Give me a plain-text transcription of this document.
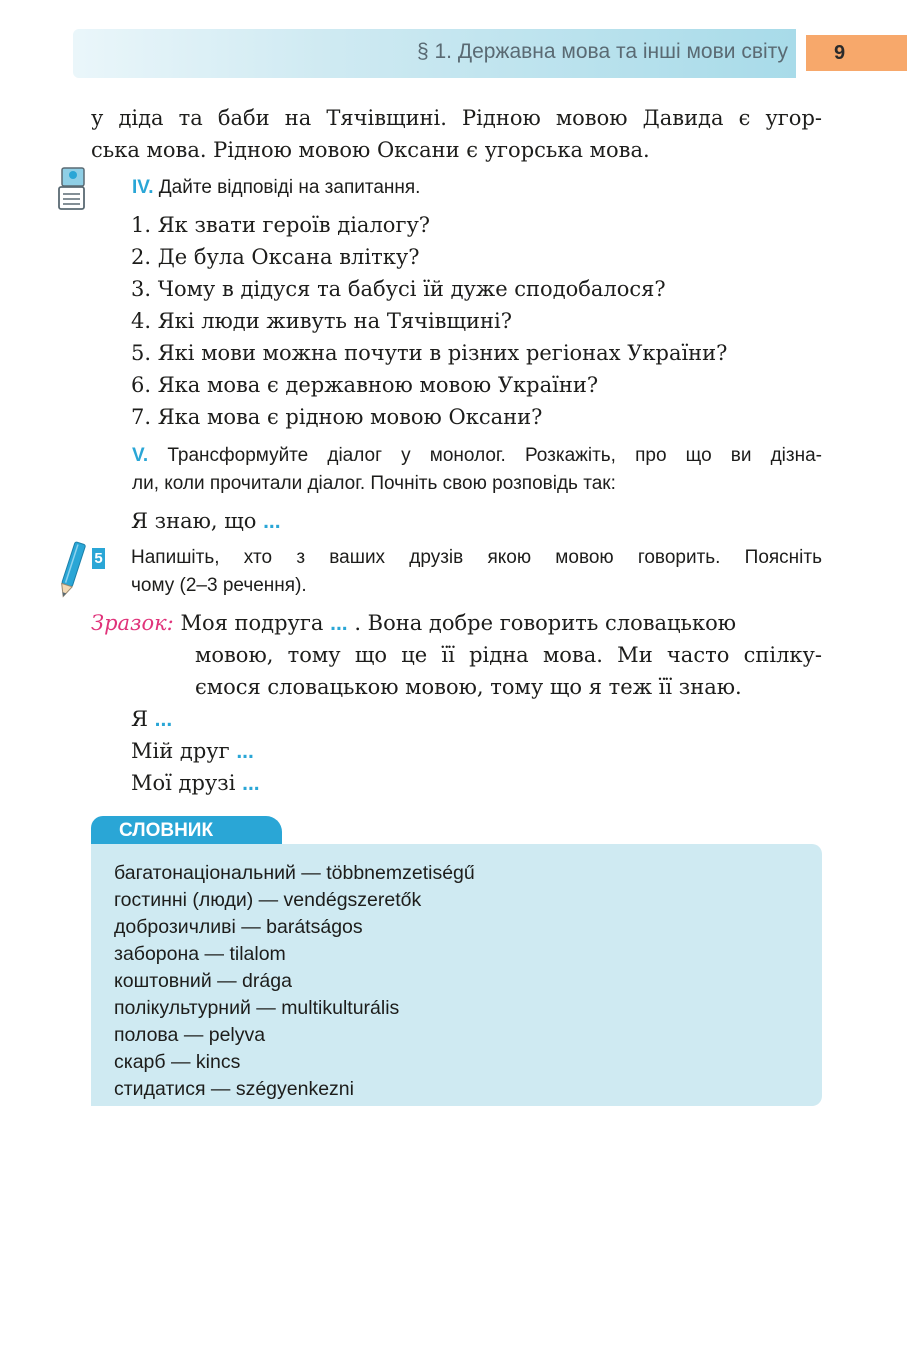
§ 1. Державна мова та інші мови світу	9
у діда та баби на Тячівщині. Рідною мовою Давида є угор-
ська мова. Рідною мовою Оксани є угорська мова.
IV. Дайте відповіді на запитання.
1. Як звати героїв діалогу?
2. Де була Оксана влітку?
3. Чому в дідуся та бабусі їй дуже сподобалося?
4. Які люди живуть на Тячівщині?
5. Які мови можна почути в різних регіонах України?
6. Яка мова є державною мовою України?
7. Яка мова є рідною мовою Оксани?
V. Трансформуйте діалог у монолог. Розкажіть, про що ви дізна-
ли, коли прочитали діалог. Почніть свою розповідь так:
Я знаю, що ...
5 Напишіть, хто з ваших друзів якою мовою говорить. Поясніть
чому (2–3 речення).
Зразок: Моя подруга ... . Вона добре говорить словацькою
мовою, тому що це її рідна мова. Ми часто спілку-
ємося словацькою мовою, тому що я теж її знаю.
Я ...
Мій друг ...
Мої друзі ...
СЛОВНИК
багатонаціональний — többnemzetiségű
гостинні (люди) — vendégszeretők
доброзичливі — barátságos
заборона — tilalom
коштовний — drága
полікультурний — multikulturális
полова — pelyva
скарб — kincs
стидатися — szégyenkezni
